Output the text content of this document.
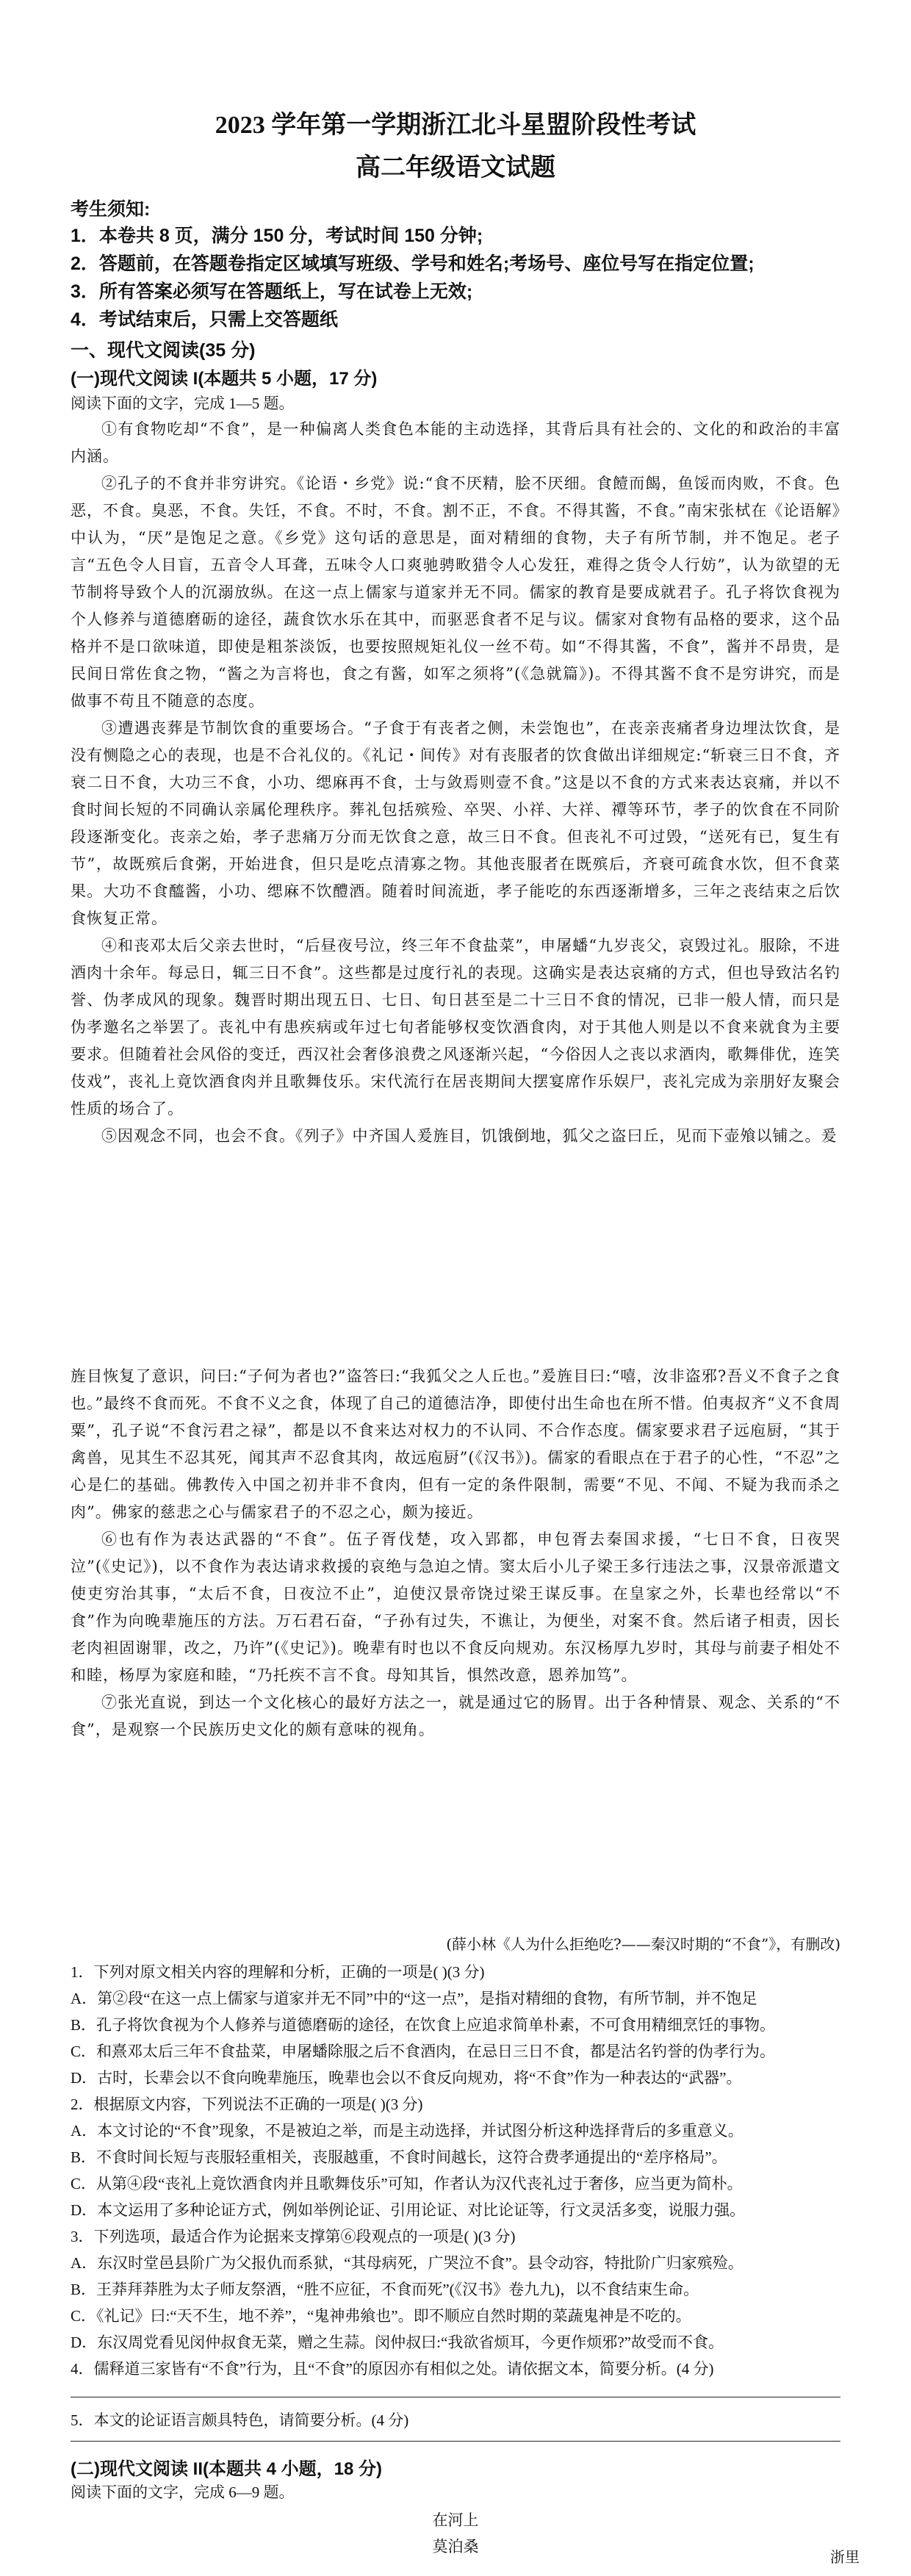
2023 学年第一学期浙江北斗星盟阶段性考试
高二年级语文试题
考生须知:
1．本卷共 8 页，满分 150 分，考试时间 150 分钟;
2．答题前，在答题卷指定区域填写班级、学号和姓名;考场号、座位号写在指定位置;
3．所有答案必须写在答题纸上，写在试卷上无效;
4．考试结束后，只需上交答题纸
一、现代文阅读(35 分)
(一)现代文阅读 I(本题共 5 小题，17 分)
阅读下面的文字，完成 1—5 题。

①有食物吃却“不食”，是一种偏离人类食色本能的主动选择，其背后具有社会的、文化的和政治的丰富内涵。

②孔子的不食并非穷讲究。《论语・乡党》说:“食不厌精，脍不厌细。食饐而餲，鱼馁而肉败，不食。色恶，不食。臭恶，不食。失饪，不食。不时，不食。割不正，不食。不得其酱，不食。”南宋张栻在《论语解》中认为，“厌”是饱足之意。《乡党》这句话的意思是，面对精细的食物，夫子有所节制，并不饱足。老子言“五色令人目盲，五音令人耳聋，五味令人口爽驰骋畋猎令人心发狂，难得之货令人行妨”，认为欲望的无节制将导致个人的沉溺放纵。在这一点上儒家与道家并无不同。儒家的教育是要成就君子。孔子将饮食视为个人修养与道德磨砺的途径，蔬食饮水乐在其中，而驱恶食者不足与议。儒家对食物有品格的要求，这个品格并不是口欲味道，即使是粗茶淡饭，也要按照规矩礼仪一丝不苟。如“不得其酱，不食”，酱并不昂贵，是民间日常佐食之物，“酱之为言将也，食之有酱，如军之须将”(《急就篇》)。不得其酱不食不是穷讲究，而是做事不苟且不随意的态度。

③遭遇丧葬是节制饮食的重要场合。“子食于有丧者之侧，未尝饱也”，在丧亲丧痛者身边埋汰饮食，是没有恻隐之心的表现，也是不合礼仪的。《礼记・间传》对有丧服者的饮食做出详细规定:“斩衰三日不食，齐衰二日不食，大功三不食，小功、缌麻再不食，士与敛焉则壹不食。”这是以不食的方式来表达哀痛，并以不食时间长短的不同确认亲属伦理秩序。葬礼包括殡殓、卒哭、小祥、大祥、禫等环节，孝子的饮食在不同阶段逐渐变化。丧亲之始，孝子悲痛万分而无饮食之意，故三日不食。但丧礼不可过毁，“送死有已，复生有节”，故既殡后食粥，开始进食，但只是吃点清寡之物。其他丧服者在既殡后，齐衰可疏食水饮，但不食菜果。大功不食醯酱，小功、缌麻不饮醴酒。随着时间流逝，孝子能吃的东西逐渐增多，三年之丧结束之后饮食恢复正常。

④和丧邓太后父亲去世时，“后昼夜号泣，终三年不食盐菜”，申屠蟠“九岁丧父，哀毁过礼。服除，不进酒肉十余年。每忌日，辄三日不食”。这些都是过度行礼的表现。这确实是表达哀痛的方式，但也导致沽名钓誉、伪孝成风的现象。魏晋时期出现五日、七日、旬日甚至是二十三日不食的情况，已非一般人情，而只是伪孝邀名之举罢了。丧礼中有患疾病或年过七旬者能够权变饮酒食肉，对于其他人则是以不食来就食为主要要求。但随着社会风俗的变迁，西汉社会奢侈浪费之风逐渐兴起，“今俗因人之丧以求酒肉，歌舞俳优，连笑伎戏”，丧礼上竟饮酒食肉并且歌舞伎乐。宋代流行在居丧期间大摆宴席作乐娱尸，丧礼完成为亲朋好友聚会性质的场合了。

⑤因观念不同，也会不食。《列子》中齐国人爰旌目，饥饿倒地，狐父之盗曰丘，见而下壶飧以铺之。爰

旌目恢复了意识，问曰:“子何为者也?”盗答曰:“我狐父之人丘也。”爰旌目曰:“嘻，汝非盗邪?吾义不食子之食也。”最终不食而死。不食不义之食，体现了自己的道德洁净，即使付出生命也在所不惜。伯夷叔齐“义不食周粟”，孔子说“不食污君之禄”，都是以不食来达对权力的不认同、不合作态度。儒家要求君子远庖厨，“其于禽兽，见其生不忍其死，闻其声不忍食其肉，故远庖厨”(《汉书》)。儒家的看眼点在于君子的心性，“不忍”之心是仁的基础。佛教传入中国之初并非不食肉，但有一定的条件限制，需要“不见、不闻、不疑为我而杀之肉”。佛家的慈悲之心与儒家君子的不忍之心，颇为接近。

⑥也有作为表达武器的“不食”。伍子胥伐楚，攻入郢都，申包胥去秦国求援，“七日不食，日夜哭泣”(《史记》)，以不食作为表达请求救援的哀绝与急迫之情。窦太后小儿子梁王多行违法之事，汉景帝派遣文使吏穷治其事，“太后不食，日夜泣不止”，迫使汉景帝饶过梁王谋反事。在皇家之外，长辈也经常以“不食”作为向晚辈施压的方法。万石君石奋，“子孙有过失，不谯让，为便坐，对案不食。然后诸子相责，因长老肉袒固谢罪，改之，乃许”(《史记》)。晚辈有时也以不食反向规劝。东汉杨厚九岁时，其母与前妻子相处不和睦，杨厚为家庭和睦，“乃托疾不言不食。母知其旨，惧然改意，恩养加笃”。

⑦张光直说，到达一个文化核心的最好方法之一，就是通过它的肠胃。出于各种情景、观念、关系的“不食”，是观察一个民族历史文化的颇有意味的视角。

(薛小林《人为什么拒绝吃?——秦汉时期的“不食”》，有删改)
1．下列对原文相关内容的理解和分析，正确的一项是( )(3 分)
A．第②段“在这一点上儒家与道家并无不同”中的“这一点”，是指对精细的食物，有所节制，并不饱足
B．孔子将饮食视为个人修养与道德磨砺的途径，在饮食上应追求简单朴素，不可食用精细烹饪的事物。
C．和熹邓太后三年不食盐菜，申屠蟠除服之后不食酒肉，在忌日三日不食，都是沽名钓誉的伪孝行为。
D．古时，长辈会以不食向晚辈施压，晚辈也会以不食反向规劝，将“不食”作为一种表达的“武器”。
2．根据原文内容，下列说法不正确的一项是( )(3 分)
A．本文讨论的“不食”现象，不是被迫之举，而是主动选择，并试图分析这种选择背后的多重意义。
B．不食时间长短与丧服轻重相关，丧服越重，不食时间越长，这符合费孝通提出的“差序格局”。
C．从第④段“丧礼上竟饮酒食肉并且歌舞伎乐”可知，作者认为汉代丧礼过于奢侈，应当更为简朴。
D．本文运用了多种论证方式，例如举例论证、引用论证、对比论证等，行文灵活多变，说服力强。
3．下列选项，最适合作为论据来支撑第⑥段观点的一项是( )(3 分)
A．东汉时堂邑县阶广为父报仇而系狱，“其母病死，广哭泣不食”。县令动容，特批阶广归家殡殓。
B．王莽拜莽胜为太子师友祭酒，“胜不应征，不食而死”(《汉书》卷九九)，以不食结束生命。
C．《礼记》曰:“天不生，地不养”，“鬼神弗飨也”。即不顺应自然时期的菜蔬鬼神是不吃的。
D．东汉周党看见闵仲叔食无菜，赠之生蒜。闵仲叔曰:“我欲省烦耳，今更作烦邪?”故受而不食。
4．儒释道三家皆有“不食”行为，且“不食”的原因亦有相似之处。请依据文本，简要分析。(4 分)
5．本文的论证语言颇具特色，请简要分析。(4 分)
(二)现代文阅读 II(本题共 4 小题，18 分)
阅读下面的文字，完成 6—9 题。
在河上
莫泊桑
浙里
